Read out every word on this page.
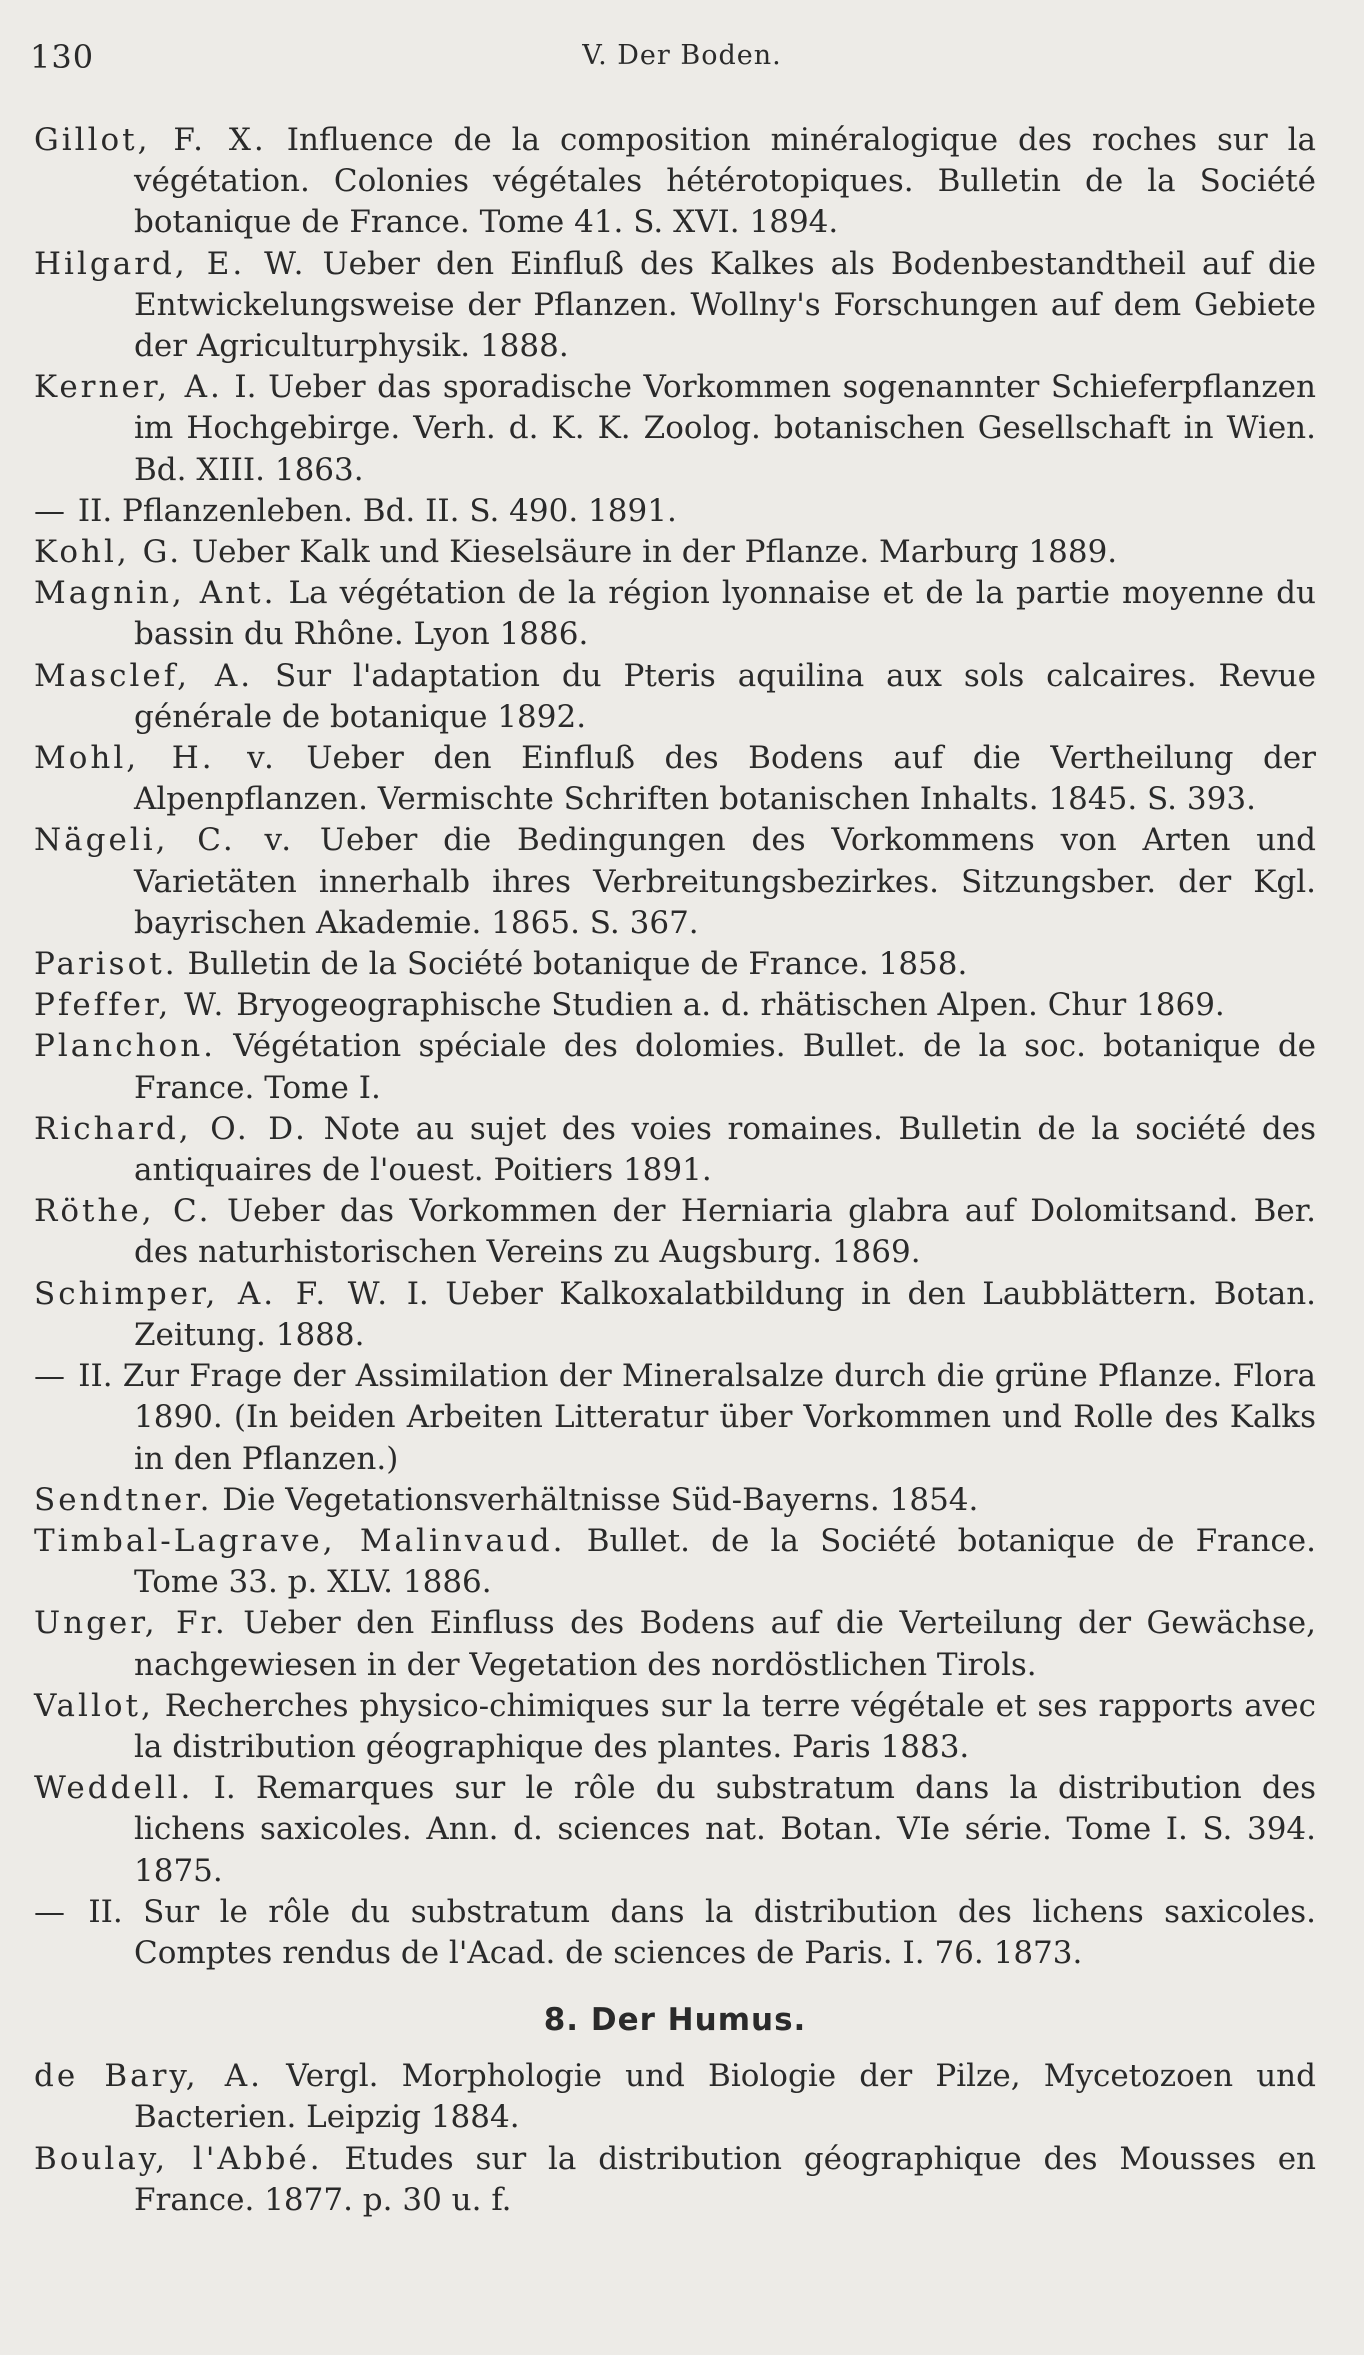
130	V. Der Boden.

Gillot, F. X. Influence de la composition minéralogique des roches sur la végétation. Colonies végétales hétérotopiques. Bulletin de la Société botanique de France. Tome 41. S. XVI. 1894.

Hilgard, E. W. Ueber den Einfluß des Kalkes als Bodenbestandtheil auf die Entwickelungsweise der Pflanzen. Wollny's Forschungen auf dem Gebiete der Agriculturphysik. 1888.

Kerner, A. I. Ueber das sporadische Vorkommen sogenannter Schieferpflanzen im Hochgebirge. Verh. d. K. K. Zoolog. botanischen Gesellschaft in Wien. Bd. XIII. 1863.

— II. Pflanzenleben. Bd. II. S. 490. 1891.

Kohl, G. Ueber Kalk und Kieselsäure in der Pflanze. Marburg 1889.

Magnin, Ant. La végétation de la région lyonnaise et de la partie moyenne du bassin du Rhône. Lyon 1886.

Masclef, A. Sur l'adaptation du Pteris aquilina aux sols calcaires. Revue générale de botanique 1892.

Mohl, H. v. Ueber den Einfluß des Bodens auf die Vertheilung der Alpenpflanzen. Vermischte Schriften botanischen Inhalts. 1845. S. 393.

Nägeli, C. v. Ueber die Bedingungen des Vorkommens von Arten und Varietäten innerhalb ihres Verbreitungsbezirkes. Sitzungsber. der Kgl. bayrischen Akademie. 1865. S. 367.

Parisot. Bulletin de la Société botanique de France. 1858.

Pfeffer, W. Bryogeographische Studien a. d. rhätischen Alpen. Chur 1869.

Planchon. Végétation spéciale des dolomies. Bullet. de la soc. botanique de France. Tome I.

Richard, O. D. Note au sujet des voies romaines. Bulletin de la société des antiquaires de l'ouest. Poitiers 1891.

Röthe, C. Ueber das Vorkommen der Herniaria glabra auf Dolomitsand. Ber. des naturhistorischen Vereins zu Augsburg. 1869.

Schimper, A. F. W. I. Ueber Kalkoxalatbildung in den Laubblättern. Botan. Zeitung. 1888.

— II. Zur Frage der Assimilation der Mineralsalze durch die grüne Pflanze. Flora 1890. (In beiden Arbeiten Litteratur über Vorkommen und Rolle des Kalks in den Pflanzen.)

Sendtner. Die Vegetationsverhältnisse Süd-Bayerns. 1854.

Timbal-Lagrave, Malinvaud. Bullet. de la Société botanique de France. Tome 33. p. XLV. 1886.

Unger, Fr. Ueber den Einfluss des Bodens auf die Verteilung der Gewächse, nachgewiesen in der Vegetation des nordöstlichen Tirols.

Vallot, Recherches physico-chimiques sur la terre végétale et ses rapports avec la distribution géographique des plantes. Paris 1883.

Weddell. I. Remarques sur le rôle du substratum dans la distribution des lichens saxicoles. Ann. d. sciences nat. Botan. VIe série. Tome I. S. 394. 1875.

— II. Sur le rôle du substratum dans la distribution des lichens saxicoles. Comptes rendus de l'Acad. de sciences de Paris. I. 76. 1873.

8. Der Humus.

de Bary, A. Vergl. Morphologie und Biologie der Pilze, Mycetozoen und Bacterien. Leipzig 1884.

Boulay, l'Abbé. Etudes sur la distribution géographique des Mousses en France. 1877. p. 30 u. f.
